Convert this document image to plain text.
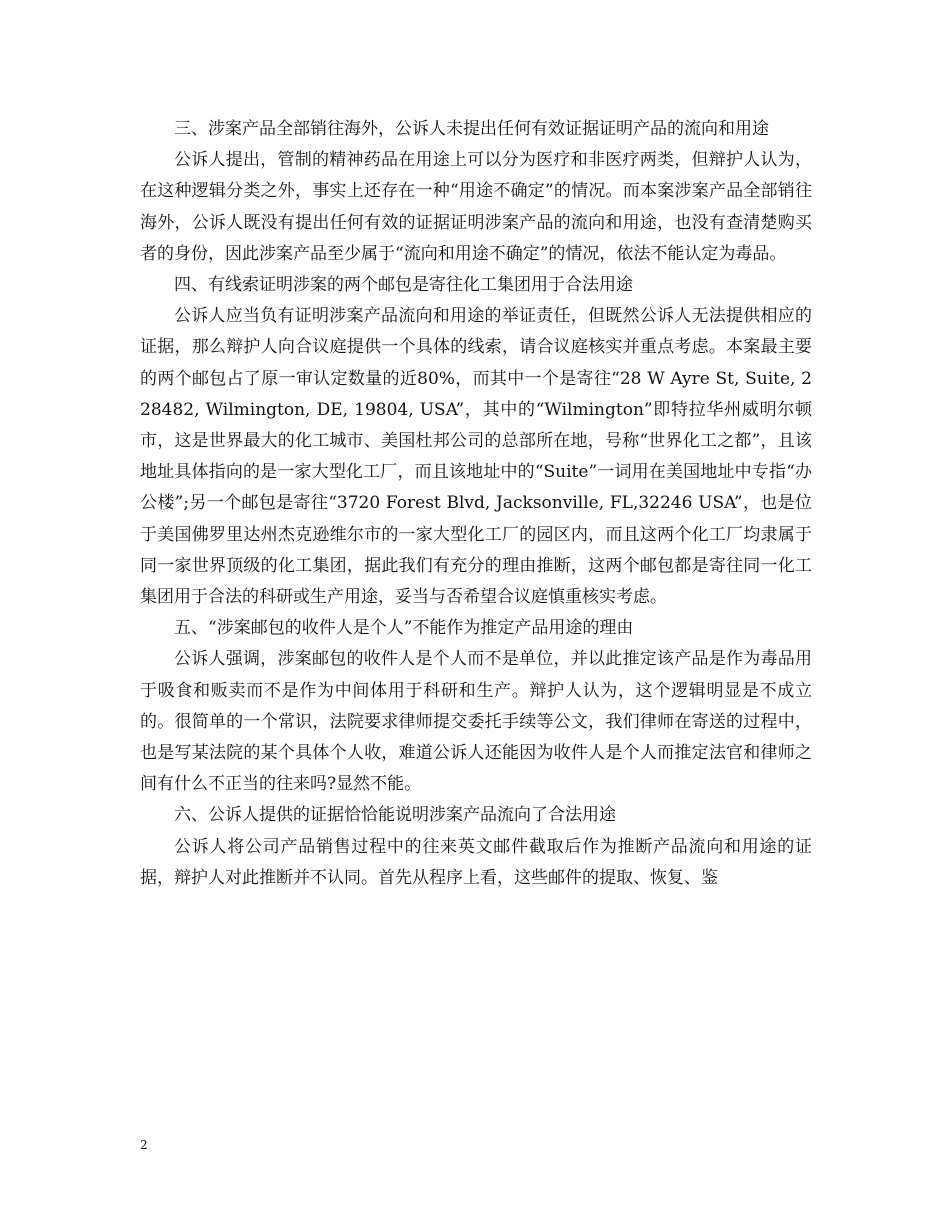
三、涉案产品全部销往海外，公诉人未提出任何有效证据证明产品的流向和用途

公诉人提出，管制的精神药品在用途上可以分为医疗和非医疗两类，但辩护人认为，在这种逻辑分类之外，事实上还存在一种“用途不确定”的情况。而本案涉案产品全部销往海外，公诉人既没有提出任何有效的证据证明涉案产品的流向和用途，也没有查清楚购买者的身份，因此涉案产品至少属于“流向和用途不确定”的情况，依法不能认定为毒品。

四、有线索证明涉案的两个邮包是寄往化工集团用于合法用途

公诉人应当负有证明涉案产品流向和用途的举证责任，但既然公诉人无法提供相应的证据，那么辩护人向合议庭提供一个具体的线索，请合议庭核实并重点考虑。本案最主要的两个邮包占了原一审认定数量的近80%，而其中一个是寄往“28 W Ayre St, Suite, 228482, Wilmington, DE, 19804, USA”，其中的“Wilmington”即特拉华州威明尔顿市，这是世界最大的化工城市、美国杜邦公司的总部所在地，号称“世界化工之都”，且该地址具体指向的是一家大型化工厂，而且该地址中的“Suite”一词用在美国地址中专指“办公楼”;另一个邮包是寄往“3720 Forest Blvd, Jacksonville, FL,32246 USA”，也是位于美国佛罗里达州杰克逊维尔市的一家大型化工厂的园区内，而且这两个化工厂均隶属于同一家世界顶级的化工集团，据此我们有充分的理由推断，这两个邮包都是寄往同一化工集团用于合法的科研或生产用途，妥当与否希望合议庭慎重核实考虑。

五、“涉案邮包的收件人是个人”不能作为推定产品用途的理由

公诉人强调，涉案邮包的收件人是个人而不是单位，并以此推定该产品是作为毒品用于吸食和贩卖而不是作为中间体用于科研和生产。辩护人认为，这个逻辑明显是不成立的。很简单的一个常识，法院要求律师提交委托手续等公文，我们律师在寄送的过程中，也是写某法院的某个具体个人收，难道公诉人还能因为收件人是个人而推定法官和律师之间有什么不正当的往来吗?显然不能。

六、公诉人提供的证据恰恰能说明涉案产品流向了合法用途

公诉人将公司产品销售过程中的往来英文邮件截取后作为推断产品流向和用途的证据，辩护人对此推断并不认同。首先从程序上看，这些邮件的提取、恢复、鉴

2
